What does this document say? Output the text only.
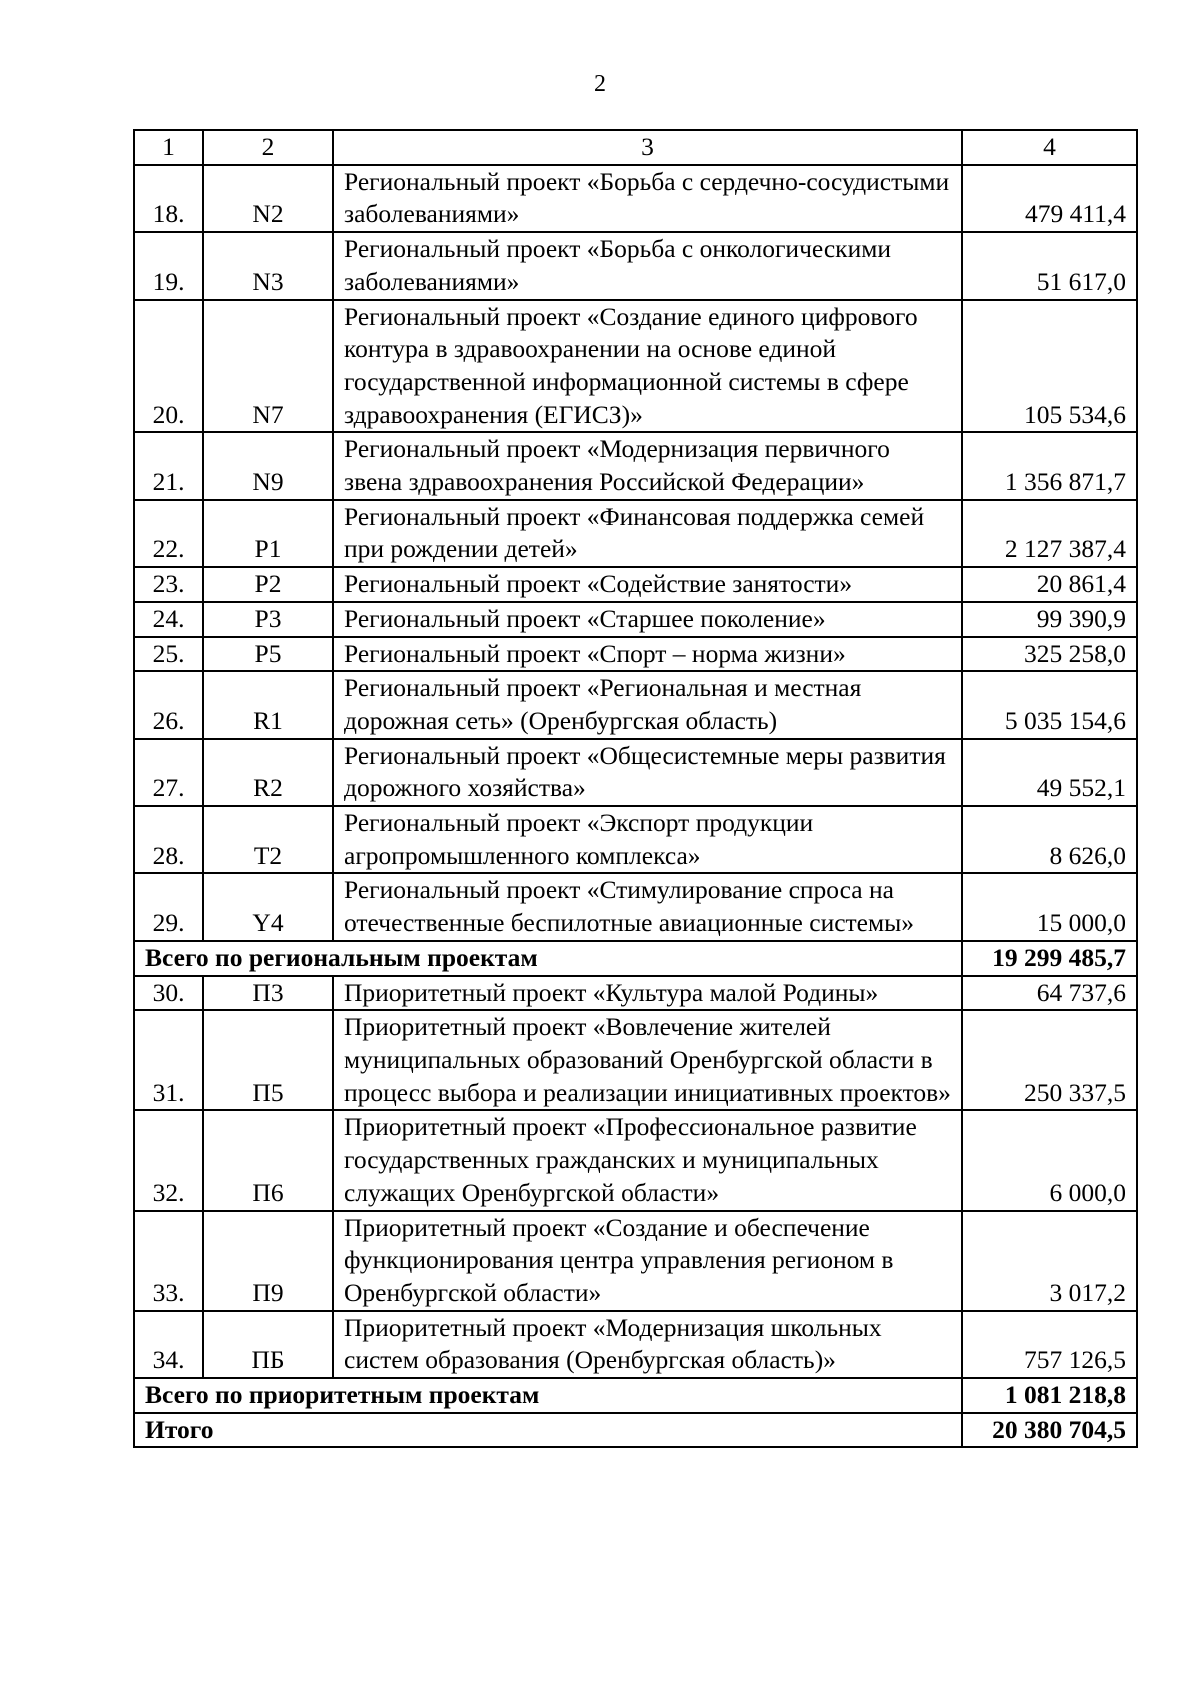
2
1	2	3	4
18.	N2	Региональный проект «Борьба с сердечно-сосудистыми заболеваниями»	479 411,4
19.	N3	Региональный проект «Борьба с онкологическими заболеваниями»	51 617,0
20.	N7	Региональный проект «Создание единого цифрового контура в здравоохранении на основе единой государственной информационной системы в сфере здравоохранения (ЕГИСЗ)»	105 534,6
21.	N9	Региональный проект «Модернизация первичного звена здравоохранения Российской Федерации»	1 356 871,7
22.	P1	Региональный проект «Финансовая поддержка семей при рождении детей»	2 127 387,4
23.	P2	Региональный проект «Содействие занятости»	20 861,4
24.	P3	Региональный проект «Старшее поколение»	99 390,9
25.	P5	Региональный проект «Спорт – норма жизни»	325 258,0
26.	R1	Региональный проект «Региональная и местная дорожная сеть» (Оренбургская область)	5 035 154,6
27.	R2	Региональный проект «Общесистемные меры развития дорожного хозяйства»	49 552,1
28.	T2	Региональный проект «Экспорт продукции агропромышленного комплекса»	8 626,0
29.	Y4	Региональный проект «Стимулирование спроса на отечественные беспилотные авиационные системы»	15 000,0
Всего по региональным проектам			19 299 485,7
30.	П3	Приоритетный проект «Культура малой Родины»	64 737,6
31.	П5	Приоритетный проект «Вовлечение жителей муниципальных образований Оренбургской области в процесс выбора и реализации инициативных проектов»	250 337,5
32.	П6	Приоритетный проект «Профессиональное развитие государственных гражданских и муниципальных служащих Оренбургской области»	6 000,0
33.	П9	Приоритетный проект «Создание и обеспечение функционирования центра управления регионом в Оренбургской области»	3 017,2
34.	ПБ	Приоритетный проект «Модернизация школьных систем образования (Оренбургская область)»	757 126,5
Всего по приоритетным проектам			1 081 218,8
Итого			20 380 704,5
